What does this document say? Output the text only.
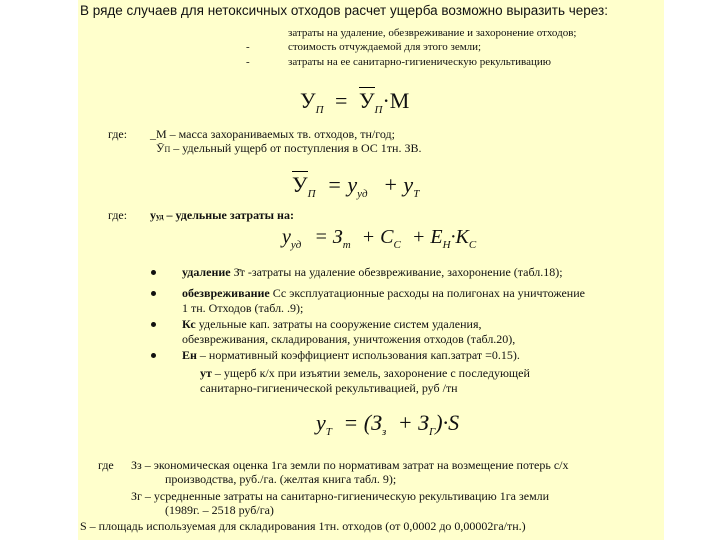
В ряде случаев для нетоксичных отходов расчет ущерба возможно выразить через:
затраты на удаление, обезвреживание и захоронение отходов;
-	стоимость отчуждаемой для этого земли;
-	затраты на ее санитарно-гигиеническую рекультивацию
$У_П = У_П\cdot М$
где: _М – масса захораниваемых тв. отходов, тн/год;
ӮП – удельный ущерб от поступления в ОС 1тн. ЗВ.
$У_П = y_{уд} + y_T$
где: yуд – удельные затраты на:
$y_{уд} = З_т + С_С + Е_Н\cdot К_С$
удаление З̄т -затраты на удаление обезвреживание, захоронение (табл.18);
обезвреживание Сс эксплуатационные расходы на полигонах на уничтожение
1 тн. Отходов (табл. .9);
Кс удельные кап. затраты на сооружение систем удаления,
обезвреживания, складирования, уничтожения отходов (табл.20),
Ен – нормативный коэффициент использования кап.затрат =0.15).
yт – ущерб к/х при изъятии земель, захоронение с последующей
санитарно-гигиенической рекультивацией, руб /тн
$y_Т = (З_з + З_Г)\cdot S$
где Зз – экономическая оценка 1га земли по нормативам затрат на возмещение потерь с/х
производства, руб./га. (желтая книга табл. 9);
Зг – усредненные затраты на санитарно-гигиеническую рекультивацию 1га земли
(1989г. – 2518 руб/га)
S – площадь используемая для складирования 1тн. отходов (от 0,0002 до 0,00002га/тн.)
